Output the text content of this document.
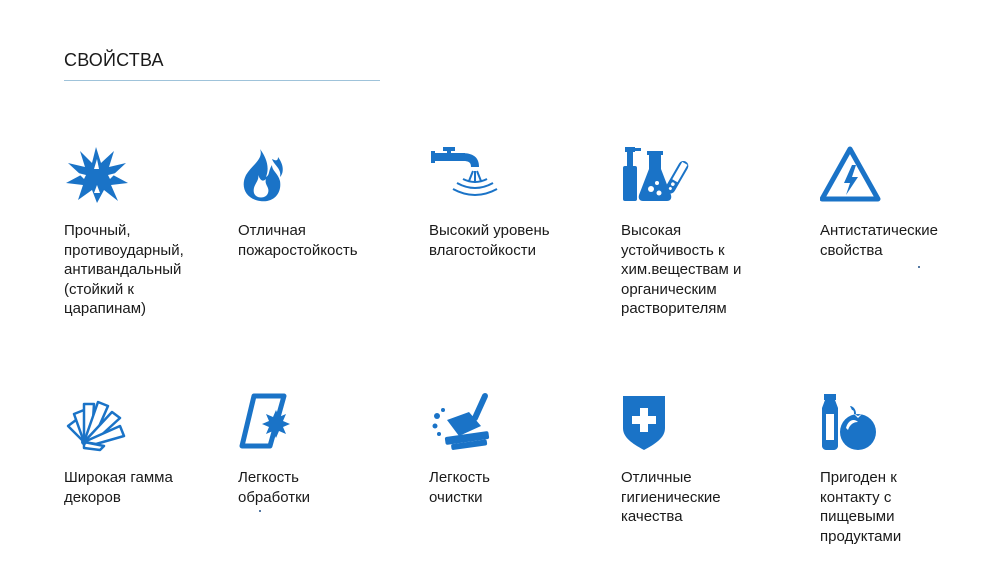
СВОЙСТВА
Прочный,
противоударный,
антивандальный
(стойкий к
царапинам)
Отличная
пожаростойкость
Высокий уровень
влагостойкости
Высокая
устойчивость к
хим.веществам и
органическим
растворителям
Антистатические
свойства
Широкая гамма
декоров
Легкость
обработки
Легкость
очистки
Отличные
гигиенические
качества
Пригоден к
контакту с
пищевыми
продуктами
